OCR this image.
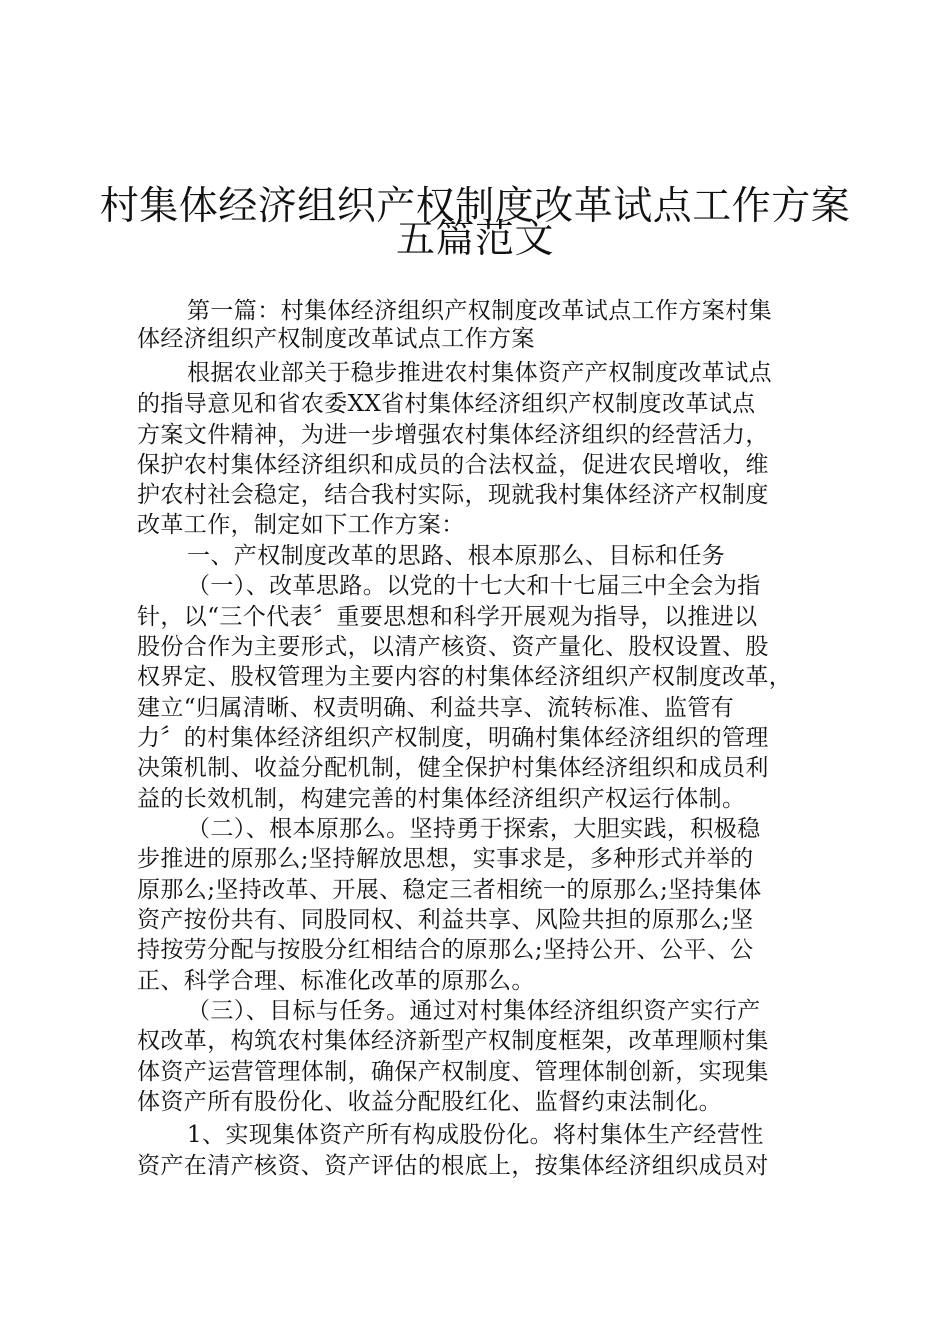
村集体经济组织产权制度改革试点工作方案
五篇范文
第一篇：村集体经济组织产权制度改革试点工作方案村集
体经济组织产权制度改革试点工作方案
根据农业部关于稳步推进农村集体资产产权制度改革试点
的指导意见和省农委XX省村集体经济组织产权制度改革试点
方案文件精神，为进一步增强农村集体经济组织的经营活力，
保护农村集体经济组织和成员的合法权益，促进农民增收，维
护农村社会稳定，结合我村实际，现就我村集体经济产权制度
改革工作，制定如下工作方案：
一、产权制度改革的思路、根本原那么、目标和任务
（一）、改革思路。以党的十七大和十七届三中全会为指
针，以“三个代表〞重要思想和科学开展观为指导，以推进以
股份合作为主要形式，以清产核资、资产量化、股权设置、股
权界定、股权管理为主要内容的村集体经济组织产权制度改革，
建立“归属清晰、权责明确、利益共享、流转标准、监管有
力〞的村集体经济组织产权制度，明确村集体经济组织的管理
决策机制、收益分配机制，健全保护村集体经济组织和成员利
益的长效机制，构建完善的村集体经济组织产权运行体制。
（二）、根本原那么。坚持勇于探索，大胆实践，积极稳
步推进的原那么;坚持解放思想，实事求是，多种形式并举的
原那么;坚持改革、开展、稳定三者相统一的原那么;坚持集体
资产按份共有、同股同权、利益共享、风险共担的原那么;坚
持按劳分配与按股分红相结合的原那么;坚持公开、公平、公
正、科学合理、标准化改革的原那么。
（三）、目标与任务。通过对村集体经济组织资产实行产
权改革，构筑农村集体经济新型产权制度框架，改革理顺村集
体资产运营管理体制，确保产权制度、管理体制创新，实现集
体资产所有股份化、收益分配股红化、监督约束法制化。
1、实现集体资产所有构成股份化。将村集体生产经营性
资产在清产核资、资产评估的根底上，按集体经济组织成员对
